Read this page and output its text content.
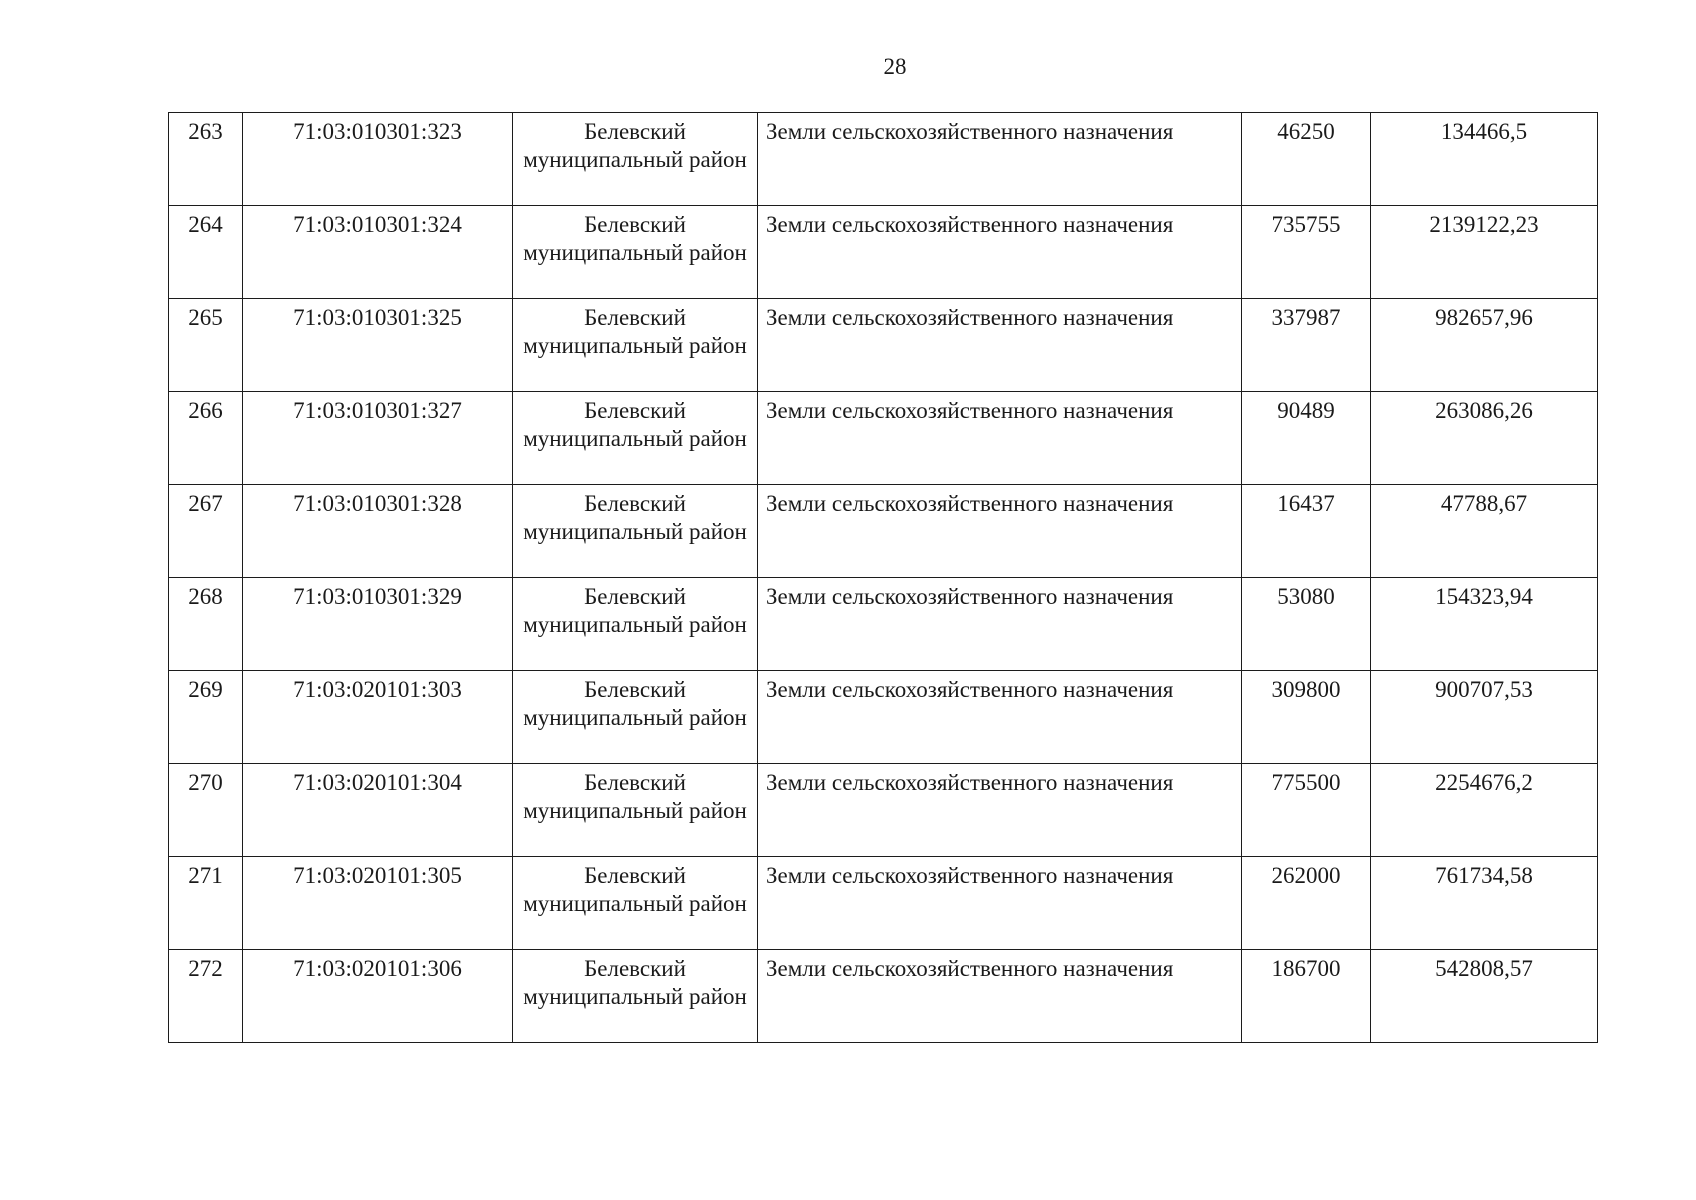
28
263	71:03:010301:323	Белевский муниципальный район	Земли сельскохозяйственного назначения	46250	134466,5
264	71:03:010301:324	Белевский муниципальный район	Земли сельскохозяйственного назначения	735755	2139122,23
265	71:03:010301:325	Белевский муниципальный район	Земли сельскохозяйственного назначения	337987	982657,96
266	71:03:010301:327	Белевский муниципальный район	Земли сельскохозяйственного назначения	90489	263086,26
267	71:03:010301:328	Белевский муниципальный район	Земли сельскохозяйственного назначения	16437	47788,67
268	71:03:010301:329	Белевский муниципальный район	Земли сельскохозяйственного назначения	53080	154323,94
269	71:03:020101:303	Белевский муниципальный район	Земли сельскохозяйственного назначения	309800	900707,53
270	71:03:020101:304	Белевский муниципальный район	Земли сельскохозяйственного назначения	775500	2254676,2
271	71:03:020101:305	Белевский муниципальный район	Земли сельскохозяйственного назначения	262000	761734,58
272	71:03:020101:306	Белевский муниципальный район	Земли сельскохозяйственного назначения	186700	542808,57
